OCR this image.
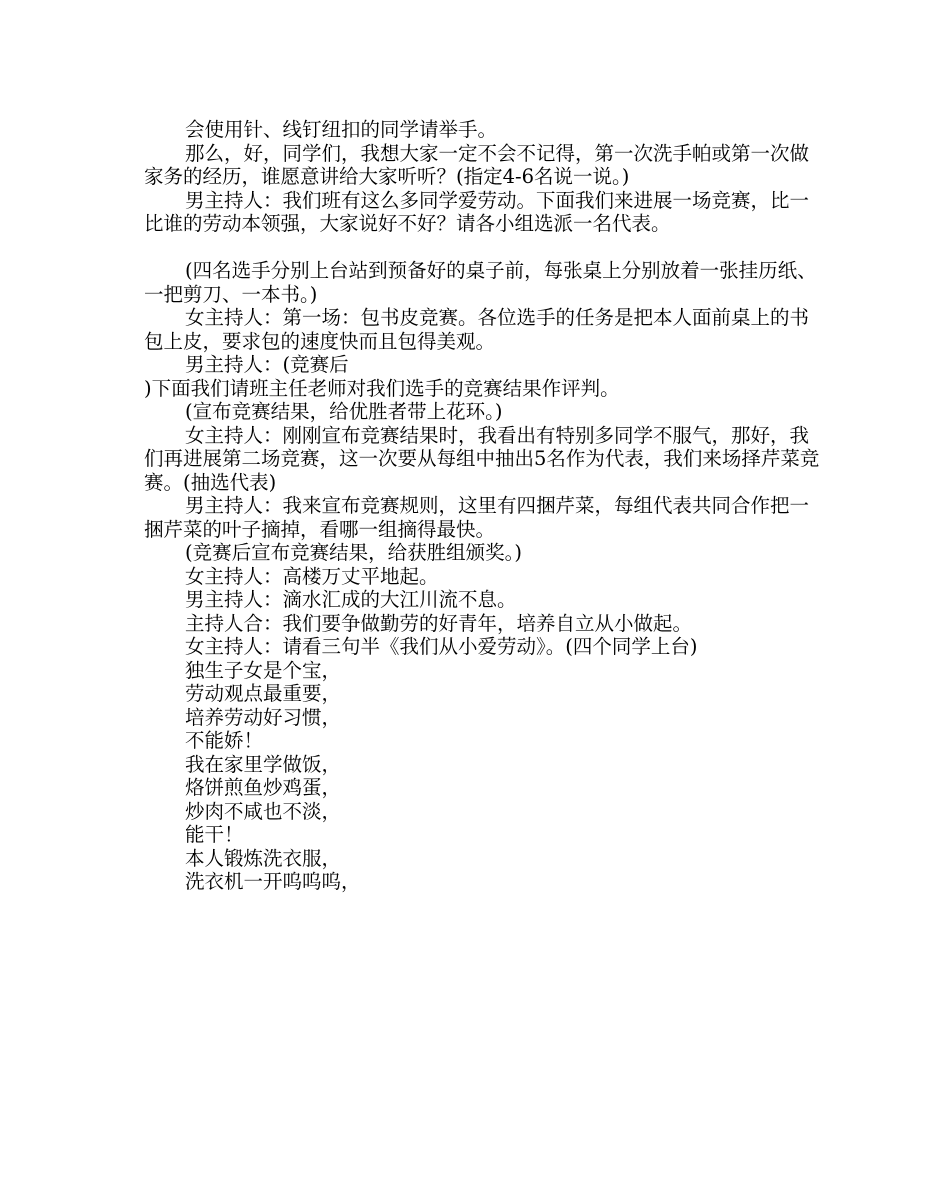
会使用针、线钉纽扣的同学请举手。

那么，好，同学们，我想大家一定不会不记得，第一次洗手帕或第一次做家务的经历，谁愿意讲给大家听听？(指定4-6名说一说。)

男主持人：我们班有这么多同学爱劳动。下面我们来进展一场竞赛，比一比谁的劳动本领强，大家说好不好？请各小组选派一名代表。

(四名选手分别上台站到预备好的桌子前，每张桌上分别放着一张挂历纸、一把剪刀、一本书。)

女主持人：第一场：包书皮竞赛。各位选手的任务是把本人面前桌上的书包上皮，要求包的速度快而且包得美观。

男主持人：(竞赛后

)下面我们请班主任老师对我们选手的竞赛结果作评判。

(宣布竞赛结果，给优胜者带上花环。)

女主持人：刚刚宣布竞赛结果时，我看出有特别多同学不服气，那好，我们再进展第二场竞赛，这一次要从每组中抽出5名作为代表，我们来场择芹菜竞赛。(抽选代表)

男主持人：我来宣布竞赛规则，这里有四捆芹菜，每组代表共同合作把一捆芹菜的叶子摘掉，看哪一组摘得最快。

(竞赛后宣布竞赛结果，给获胜组颁奖。)

女主持人：高楼万丈平地起。

男主持人：滴水汇成的大江川流不息。

主持人合：我们要争做勤劳的好青年，培养自立从小做起。

女主持人：请看三句半《我们从小爱劳动》。(四个同学上台)

独生子女是个宝，

劳动观点最重要，

培养劳动好习惯，

不能娇！

我在家里学做饭，

烙饼煎鱼炒鸡蛋，

炒肉不咸也不淡，

能干！

本人锻炼洗衣服，

洗衣机一开呜呜呜，
